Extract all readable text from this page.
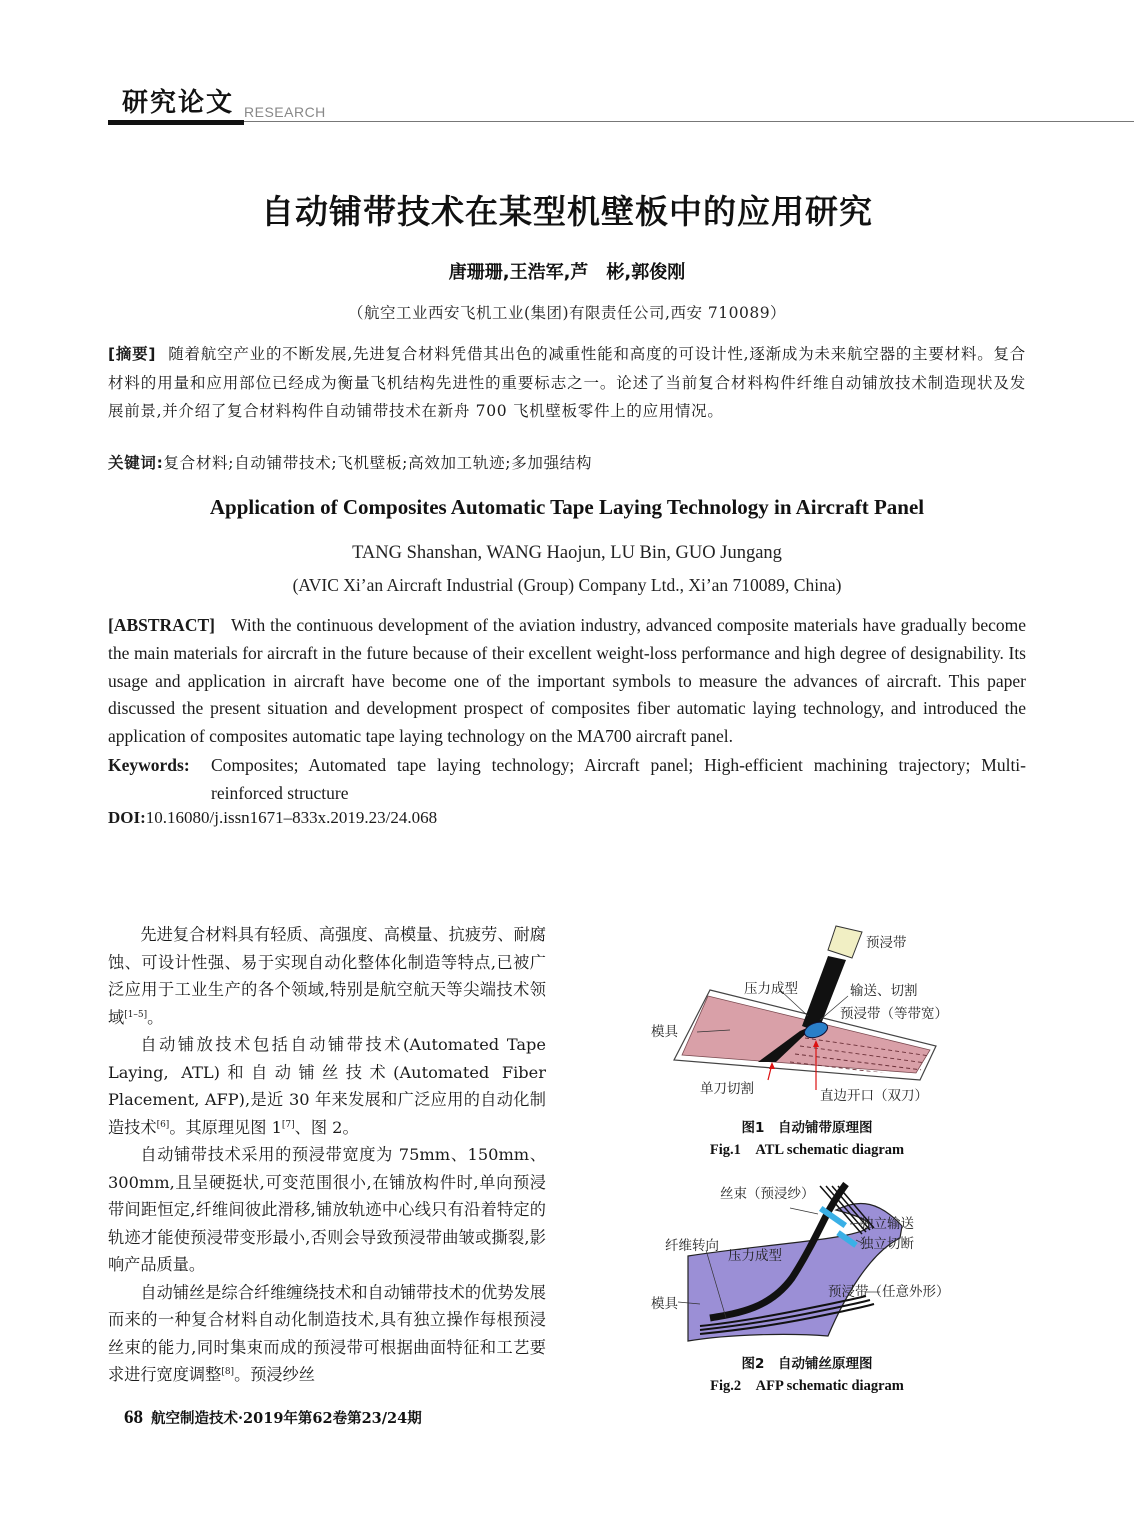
研究论文 RESEARCH
自动铺带技术在某型机壁板中的应用研究
唐珊珊,王浩军,芦　彬,郭俊刚
（航空工业西安飞机工业(集团)有限责任公司,西安 710089）
[摘要] 随着航空产业的不断发展,先进复合材料凭借其出色的减重性能和高度的可设计性,逐渐成为未来航空器的主要材料。复合材料的用量和应用部位已经成为衡量飞机结构先进性的重要标志之一。论述了当前复合材料构件纤维自动铺放技术制造现状及发展前景,并介绍了复合材料构件自动铺带技术在新舟 700 飞机壁板零件上的应用情况。
关键词:复合材料;自动铺带技术;飞机壁板;高效加工轨迹;多加强结构
Application of Composites Automatic Tape Laying Technology in Aircraft Panel
TANG Shanshan, WANG Haojun, LU Bin, GUO Jungang
(AVIC Xi’an Aircraft Industrial (Group) Company Ltd., Xi’an 710089, China)
[ABSTRACT] With the continuous development of the aviation industry, advanced composite materials have gradually become the main materials for aircraft in the future because of their excellent weight-loss performance and high degree of designability. Its usage and application in aircraft have become one of the important symbols to measure the advances of aircraft. This paper discussed the present situation and development prospect of composites fiber automatic laying technology, and introduced the application of composites automatic tape laying technology on the MA700 aircraft panel.
Keywords: Composites; Automated tape laying technology; Aircraft panel; High-efficient machining trajectory; Multi-reinforced structure
DOI:10.16080/j.issn1671–833x.2019.23/24.068

先进复合材料具有轻质、高强度、高模量、抗疲劳、耐腐蚀、可设计性强、易于实现自动化整体化制造等特点,已被广泛应用于工业生产的各个领域,特别是航空航天等尖端技术领域[1–5]。

自动铺放技术包括自动铺带技术(Automated Tape Laying, ATL)和自动铺丝技术(Automated Fiber Placement, AFP),是近 30 年来发展和广泛应用的自动化制造技术[6]。其原理见图 1[7]、图 2。

自动铺带技术采用的预浸带宽度为 75mm、150mm、300mm,且呈硬挺状,可变范围很小,在铺放构件时,单向预浸带间距恒定,纤维间彼此滑移,铺放轨迹中心线只有沿着特定的轨迹才能使预浸带变形最小,否则会导致预浸带曲皱或撕裂,影响产品质量。

自动铺丝是综合纤维缠绕技术和自动铺带技术的优势发展而来的一种复合材料自动化制造技术,具有独立操作每根预浸丝束的能力,同时集束而成的预浸带可根据曲面特征和工艺要求进行宽度调整[8]。预浸纱丝

预浸带
压力成型	输送、切割
预浸带（等带宽）
模具
单刀切割	直边开口（双刀）
图1　自动铺带原理图
Fig.1　ATL schematic diagram
丝束（预浸纱）
独立输送
独立切断
纤维转向
压力成型
模具
预浸带（任意外形）
图2　自动铺丝原理图
Fig.2　AFP schematic diagram
68 航空制造技术·2019年第62卷第23/24期
